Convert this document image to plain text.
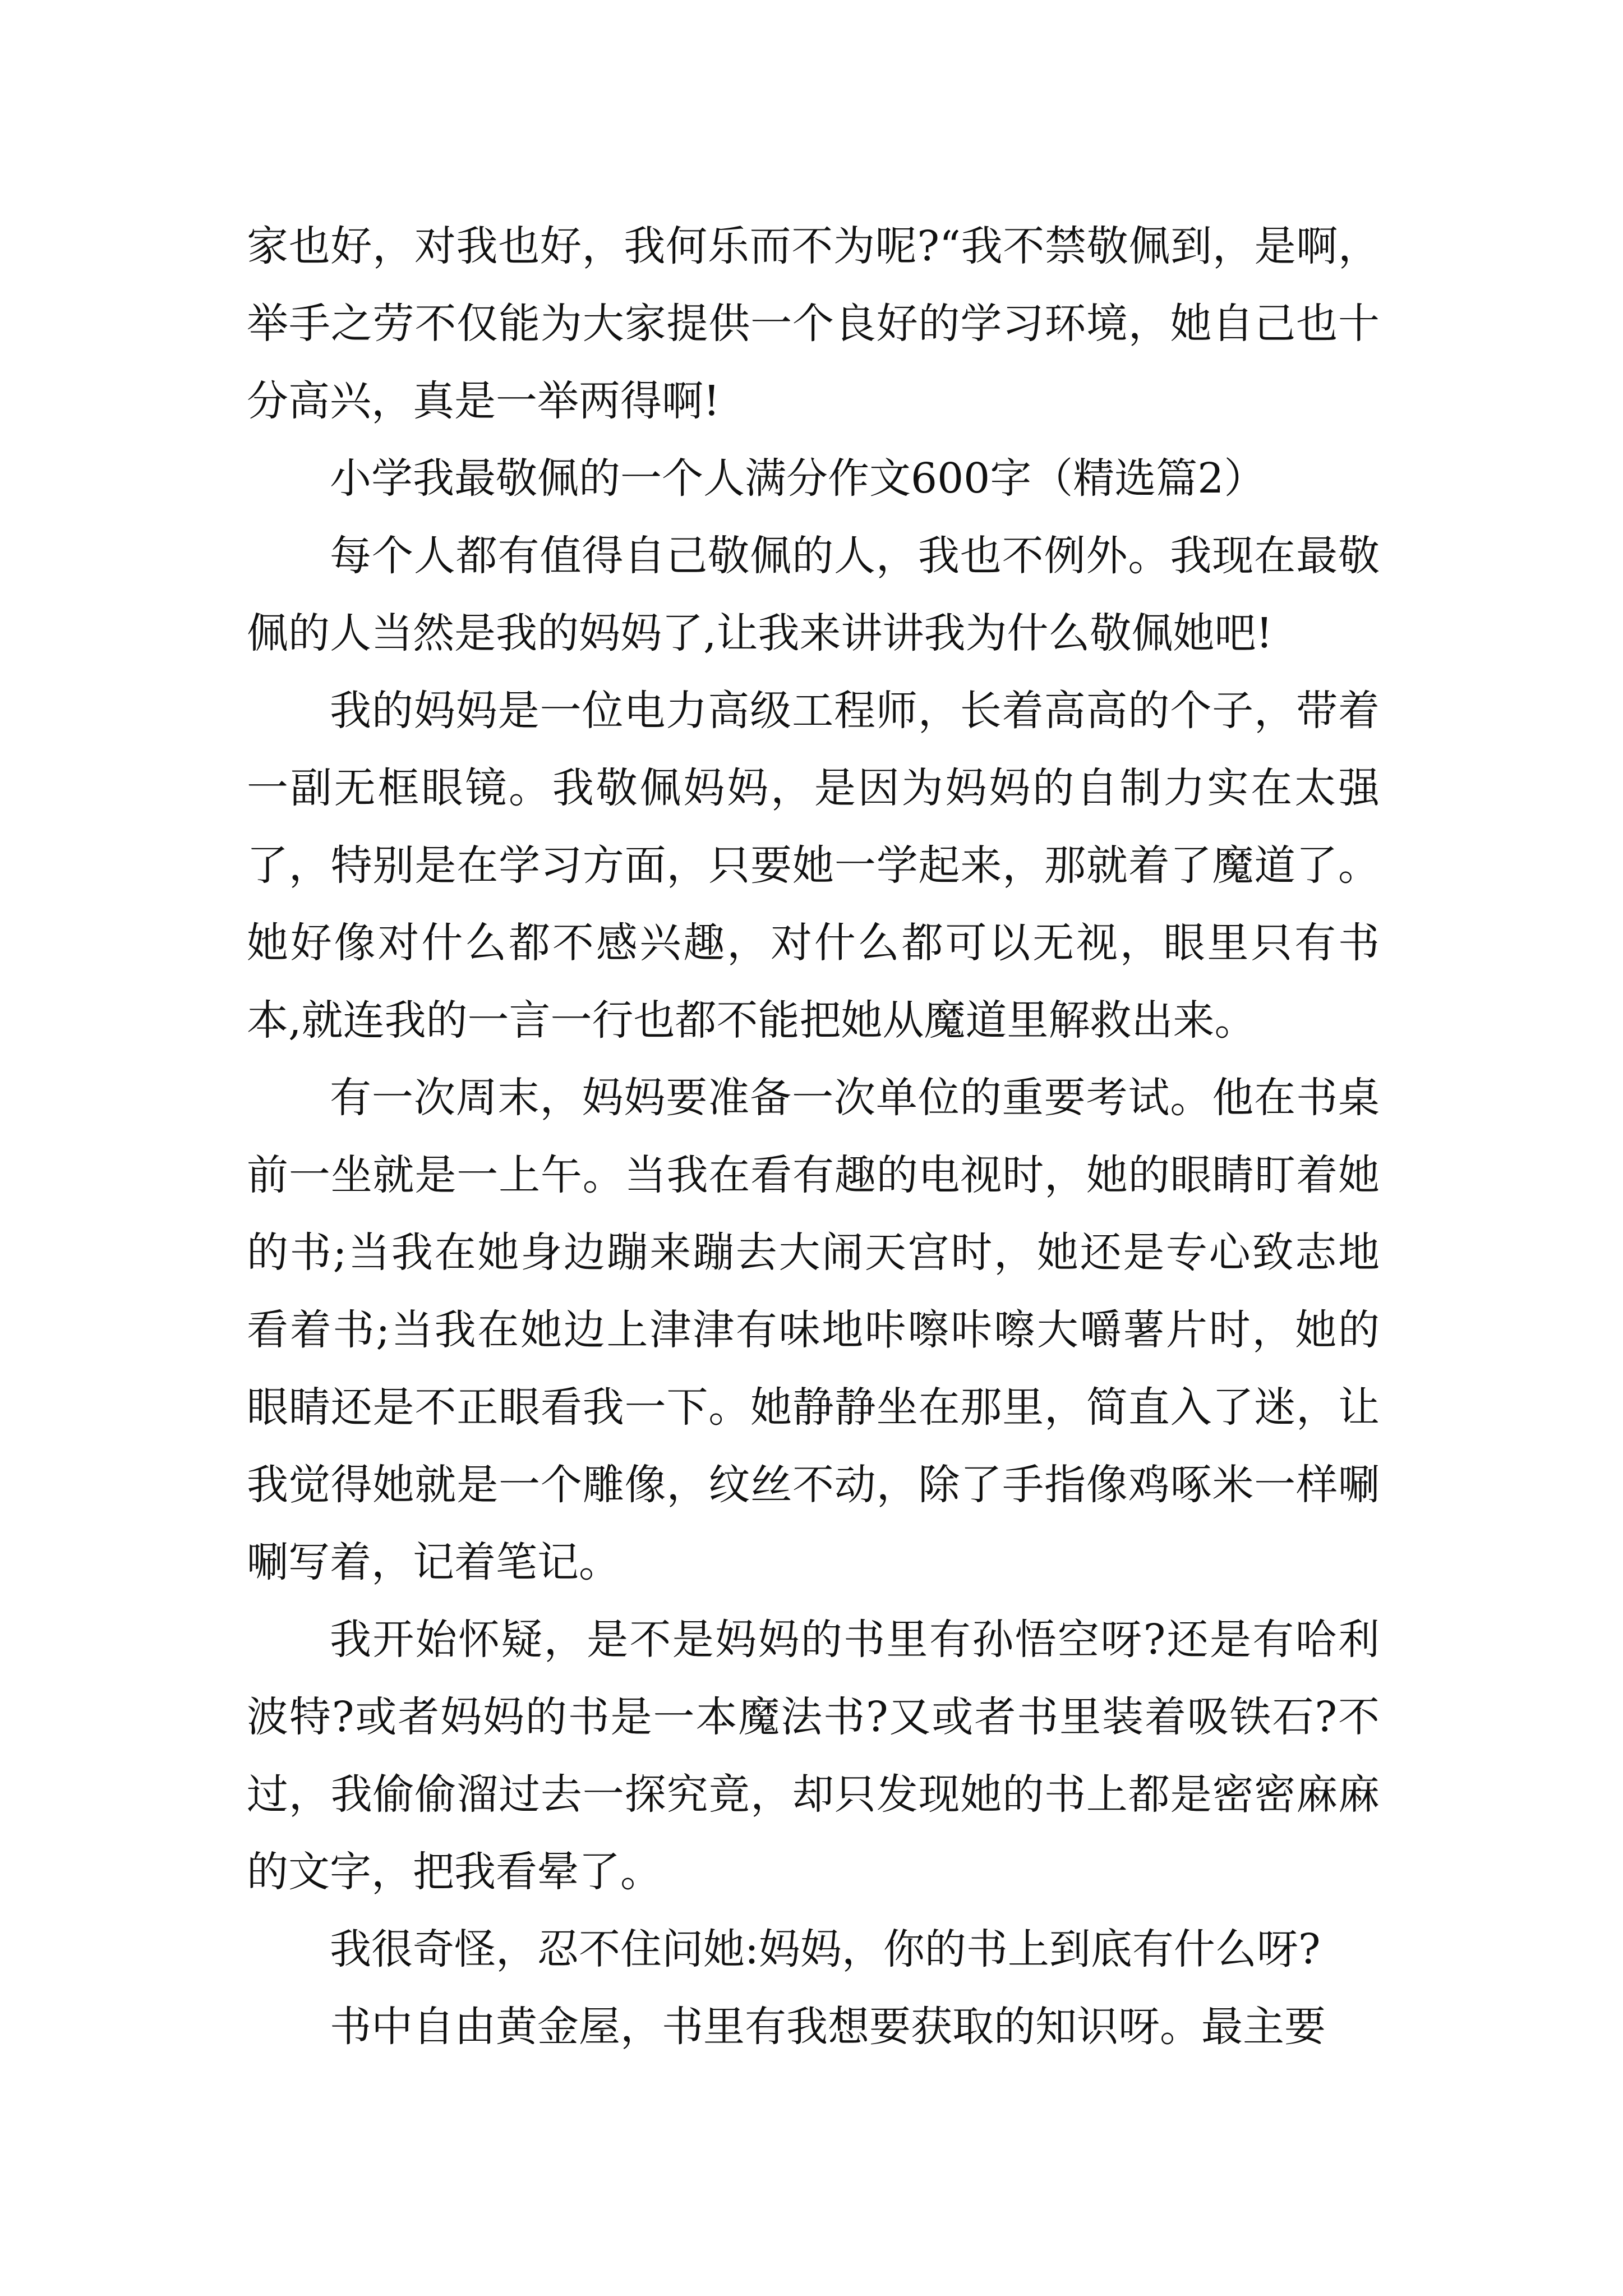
家也好，对我也好，我何乐而不为呢?“我不禁敬佩到，是啊，举手之劳不仅能为大家提供一个良好的学习环境，她自己也十分高兴，真是一举两得啊!

小学我最敬佩的一个人满分作文600字（精选篇2）

每个人都有值得自己敬佩的人，我也不例外。我现在最敬佩的人当然是我的妈妈了,让我来讲讲我为什么敬佩她吧!

我的妈妈是一位电力高级工程师，长着高高的个子，带着一副无框眼镜。我敬佩妈妈，是因为妈妈的自制力实在太强了，特别是在学习方面，只要她一学起来，那就着了魔道了。她好像对什么都不感兴趣，对什么都可以无视，眼里只有书本,就连我的一言一行也都不能把她从魔道里解救出来。

有一次周末，妈妈要准备一次单位的重要考试。他在书桌前一坐就是一上午。当我在看有趣的电视时，她的眼睛盯着她的书;当我在她身边蹦来蹦去大闹天宫时，她还是专心致志地看着书;当我在她边上津津有味地咔嚓咔嚓大嚼薯片时，她的眼睛还是不正眼看我一下。她静静坐在那里，简直入了迷，让我觉得她就是一个雕像，纹丝不动，除了手指像鸡啄米一样唰唰写着，记着笔记。

我开始怀疑，是不是妈妈的书里有孙悟空呀?还是有哈利波特?或者妈妈的书是一本魔法书?又或者书里装着吸铁石?不过，我偷偷溜过去一探究竟，却只发现她的书上都是密密麻麻的文字，把我看晕了。

我很奇怪，忍不住问她:妈妈，你的书上到底有什么呀?

书中自由黄金屋，书里有我想要获取的知识呀。最主要
